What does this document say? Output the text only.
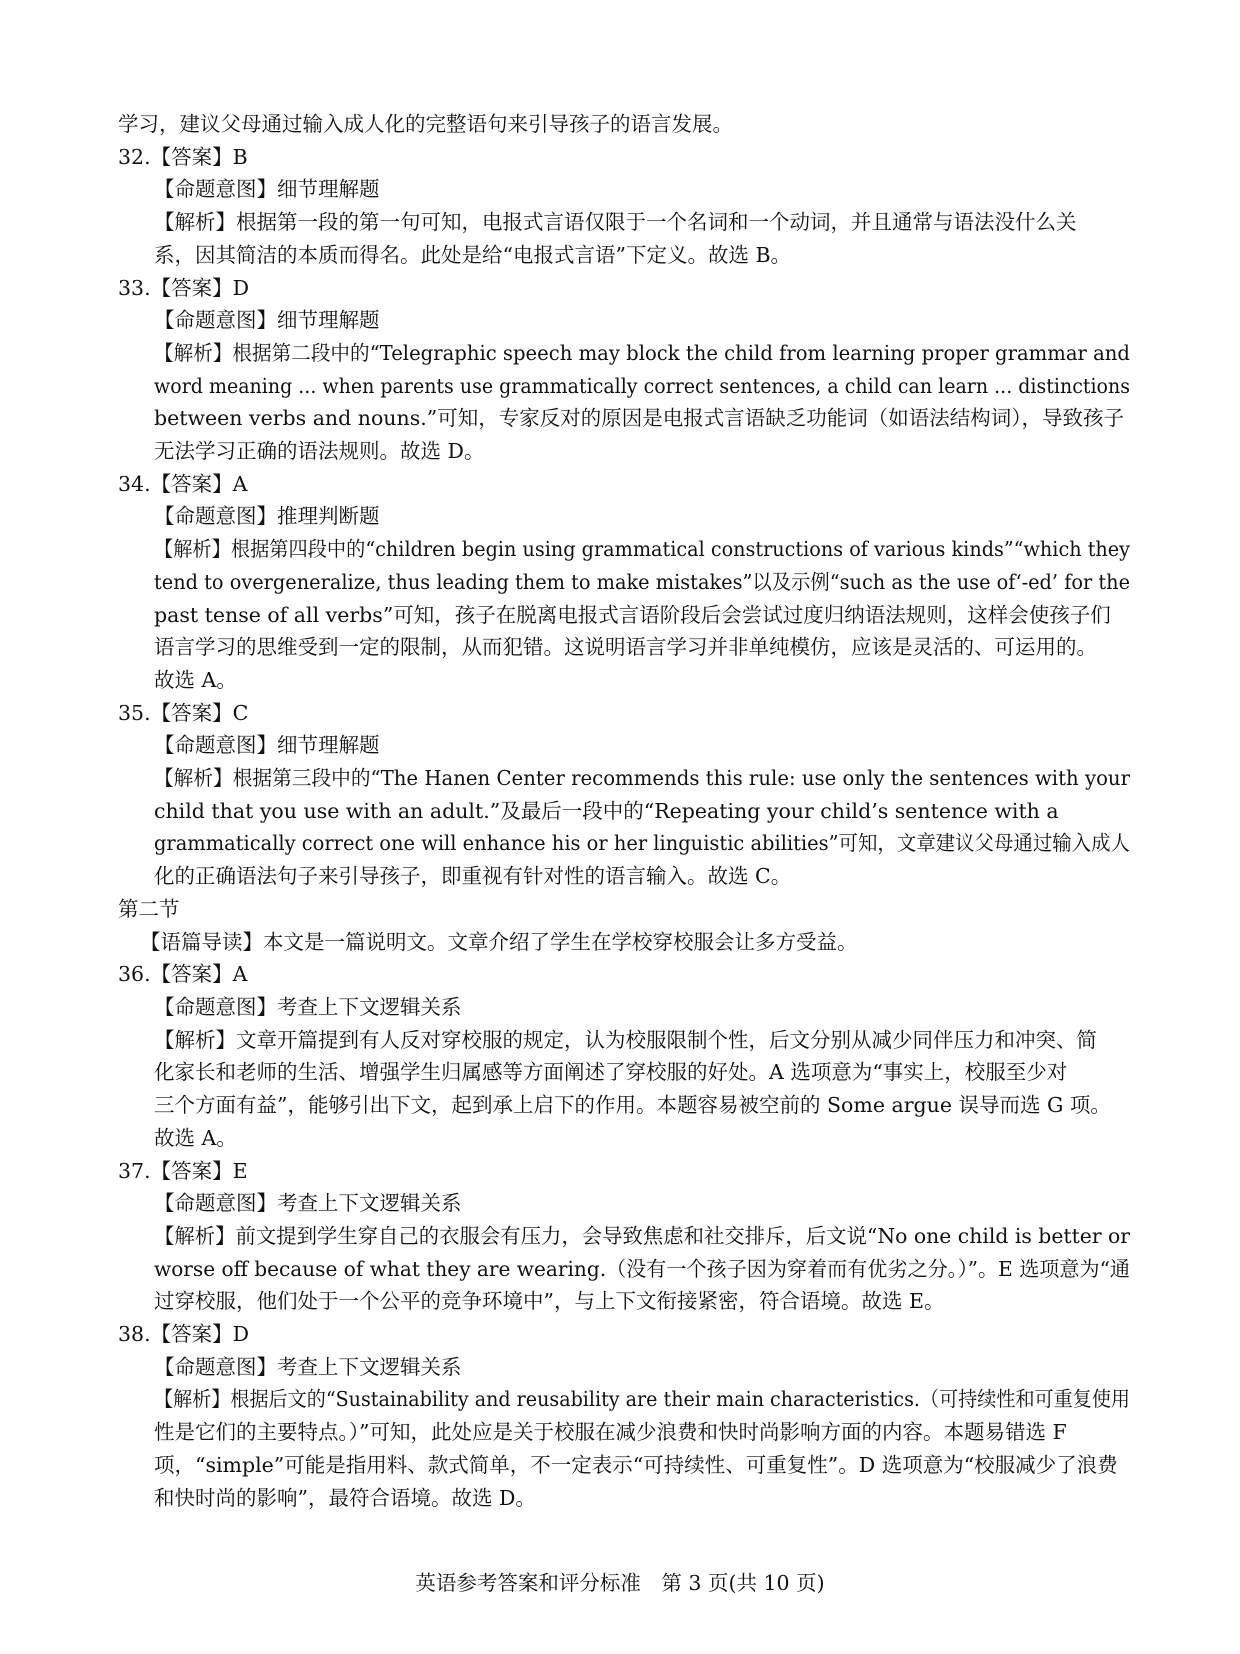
学习，建议父母通过输入成人化的完整语句来引导孩子的语言发展。
32.【答案】B
【命题意图】细节理解题
【解析】根据第一段的第一句可知，电报式言语仅限于一个名词和一个动词，并且通常与语法没什么关
系，因其简洁的本质而得名。此处是给“电报式言语”下定义。故选 B。
33.【答案】D
【命题意图】细节理解题
【解析】根据第二段中的“Telegraphic speech may block the child from learning proper grammar and
word meaning ... when parents use grammatically correct sentences, a child can learn ... distinctions
between verbs and nouns.”可知，专家反对的原因是电报式言语缺乏功能词（如语法结构词），导致孩子
无法学习正确的语法规则。故选 D。
34.【答案】A
【命题意图】推理判断题
【解析】根据第四段中的“children begin using grammatical constructions of various kinds”“which they
tend to overgeneralize, thus leading them to make mistakes”以及示例“such as the use of‘-ed’ for the
past tense of all verbs”可知，孩子在脱离电报式言语阶段后会尝试过度归纳语法规则，这样会使孩子们
语言学习的思维受到一定的限制，从而犯错。这说明语言学习并非单纯模仿，应该是灵活的、可运用的。
故选 A。
35.【答案】C
【命题意图】细节理解题
【解析】根据第三段中的“The Hanen Center recommends this rule: use only the sentences with your
child that you use with an adult.”及最后一段中的“Repeating your child’s sentence with a
grammatically correct one will enhance his or her linguistic abilities”可知，文章建议父母通过输入成人
化的正确语法句子来引导孩子，即重视有针对性的语言输入。故选 C。
第二节
【语篇导读】本文是一篇说明文。文章介绍了学生在学校穿校服会让多方受益。
36.【答案】A
【命题意图】考查上下文逻辑关系
【解析】文章开篇提到有人反对穿校服的规定，认为校服限制个性，后文分别从减少同伴压力和冲突、简
化家长和老师的生活、增强学生归属感等方面阐述了穿校服的好处。A 选项意为“事实上，校服至少对
三个方面有益”，能够引出下文，起到承上启下的作用。本题容易被空前的 Some argue 误导而选 G 项。
故选 A。
37.【答案】E
【命题意图】考查上下文逻辑关系
【解析】前文提到学生穿自己的衣服会有压力，会导致焦虑和社交排斥，后文说“No one child is better or
worse off because of what they are wearing.（没有一个孩子因为穿着而有优劣之分。）”。E 选项意为“通
过穿校服，他们处于一个公平的竞争环境中”，与上下文衔接紧密，符合语境。故选 E。
38.【答案】D
【命题意图】考查上下文逻辑关系
【解析】根据后文的“Sustainability and reusability are their main characteristics.（可持续性和可重复使用
性是它们的主要特点。）”可知，此处应是关于校服在减少浪费和快时尚影响方面的内容。本题易错选 F
项，“simple”可能是指用料、款式简单，不一定表示“可持续性、可重复性”。D 选项意为“校服减少了浪费
和快时尚的影响”，最符合语境。故选 D。
英语参考答案和评分标准　第 3 页(共 10 页)
